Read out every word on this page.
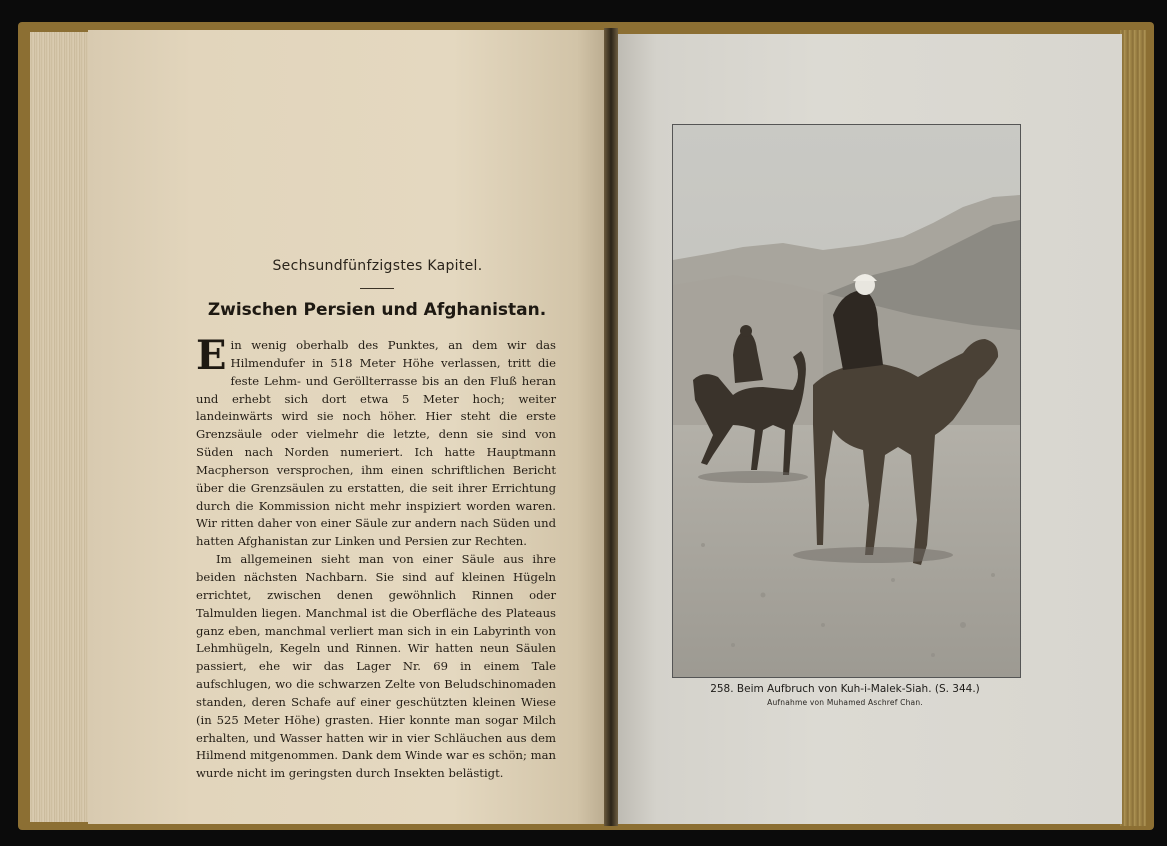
Sechsundfünfzigstes Kapitel.
Zwischen Persien und Afghanistan.

Ein wenig oberhalb des Punktes, an dem wir das Hilmendufer in 518 Meter Höhe verlassen, tritt die feste Lehm- und Geröllterrasse bis an den Fluß heran und erhebt sich dort etwa 5 Meter hoch; weiter landeinwärts wird sie noch höher. Hier steht die erste Grenzsäule oder vielmehr die letzte, denn sie sind von Süden nach Norden numeriert. Ich hatte Hauptmann Macpherson versprochen, ihm einen schriftlichen Bericht über die Grenzsäulen zu erstatten, die seit ihrer Errichtung durch die Kommission nicht mehr inspiziert worden waren. Wir ritten daher von einer Säule zur andern nach Süden und hatten Afghanistan zur Linken und Persien zur Rechten.

Im allgemeinen sieht man von einer Säule aus ihre beiden nächsten Nachbarn. Sie sind auf kleinen Hügeln errichtet, zwischen denen gewöhnlich Rinnen oder Talmulden liegen. Manchmal ist die Oberfläche des Plateaus ganz eben, manchmal verliert man sich in ein Labyrinth von Lehmhügeln, Kegeln und Rinnen. Wir hatten neun Säulen passiert, ehe wir das Lager Nr. 69 in einem Tale aufschlugen, wo die schwarzen Zelte von Beludschinomaden standen, deren Schafe auf einer geschützten kleinen Wiese (in 525 Meter Höhe) grasten. Hier konnte man sogar Milch erhalten, und Wasser hatten wir in vier Schläuchen aus dem Hilmend mitgenommen. Dank dem Winde war es schön; man wurde nicht im geringsten durch Insekten belästigt.

258. Beim Aufbruch von Kuh-i-Malek-Siah. (S. 344.)
Aufnahme von Muhamed Aschref Chan.
